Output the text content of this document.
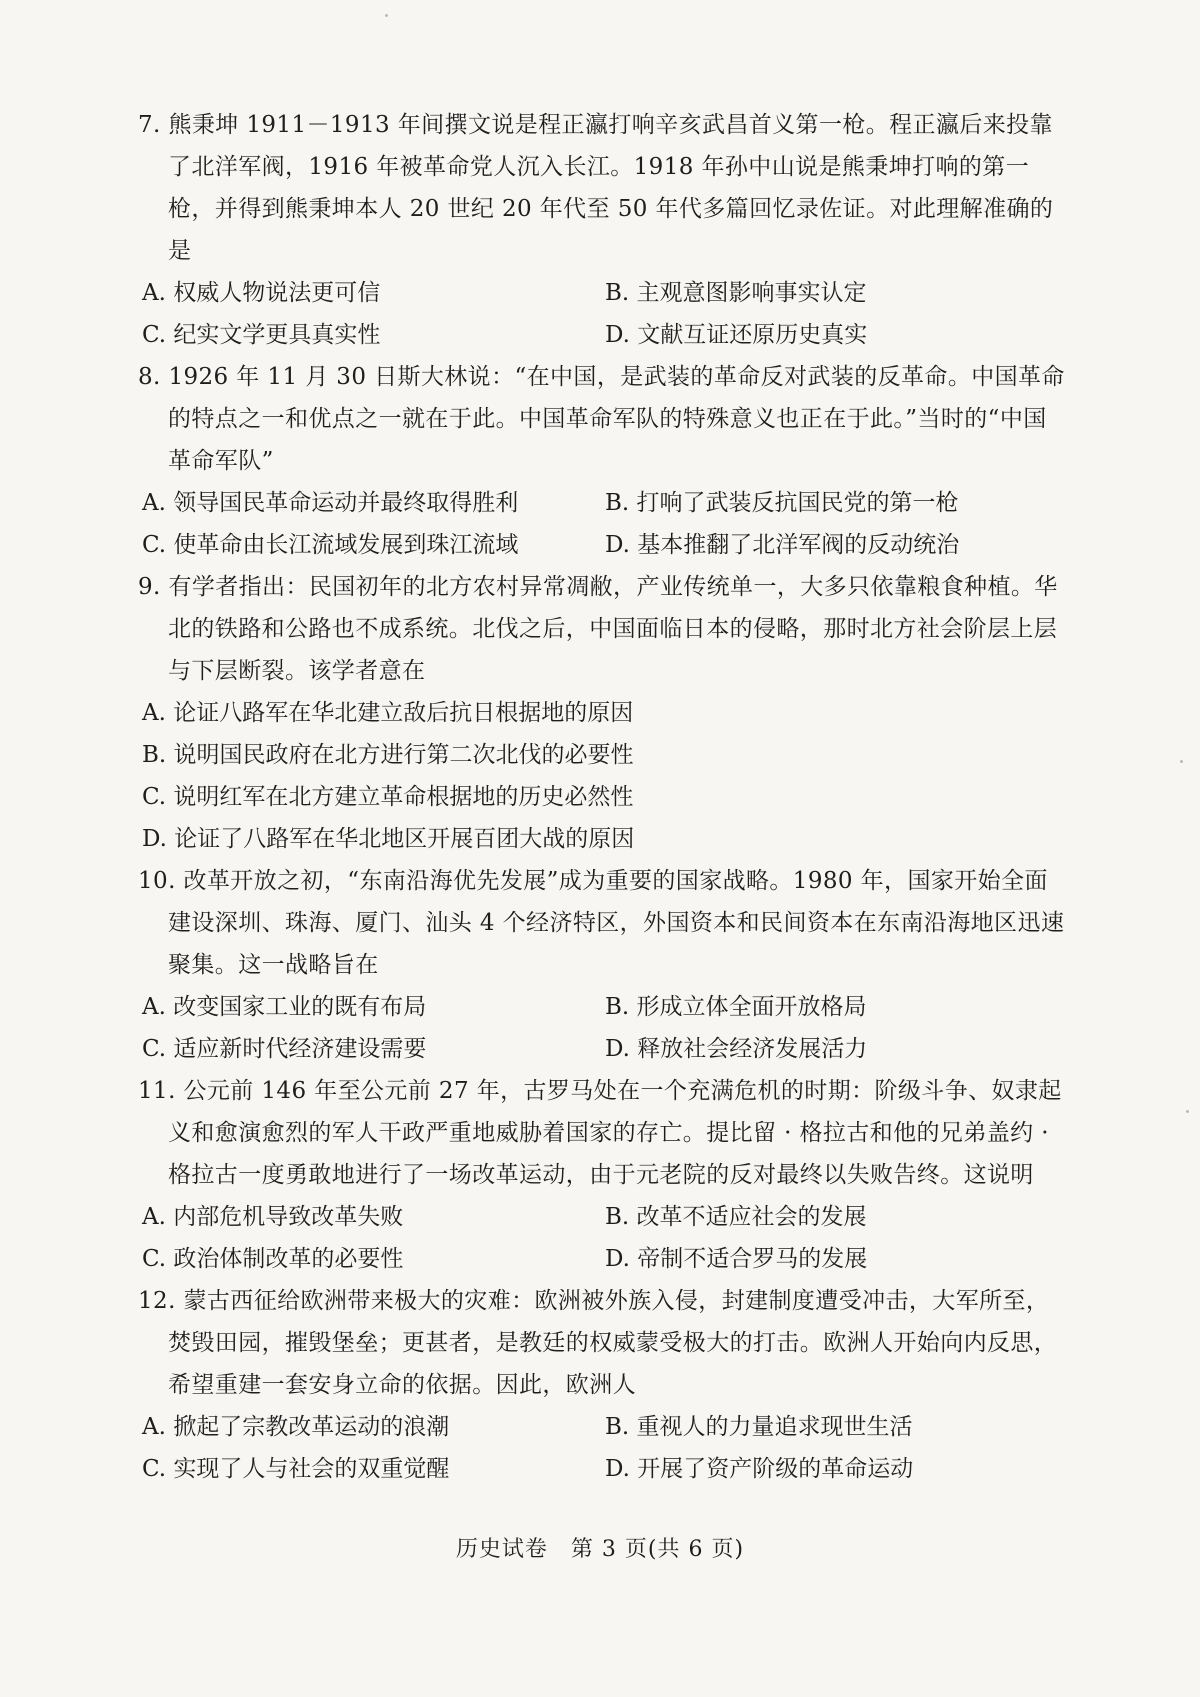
7. 熊秉坤 1911－1913 年间撰文说是程正瀛打响辛亥武昌首义第一枪。程正瀛后来投靠了北洋军阀，1916 年被革命党人沉入长江。1918 年孙中山说是熊秉坤打响的第一枪，并得到熊秉坤本人 20 世纪 20 年代至 50 年代多篇回忆录佐证。对此理解准确的是

A. 权威人物说法更可信	B. 主观意图影响事实认定
C. 纪实文学更具真实性	D. 文献互证还原历史真实

8. 1926 年 11 月 30 日斯大林说：“在中国，是武装的革命反对武装的反革命。中国革命的特点之一和优点之一就在于此。中国革命军队的特殊意义也正在于此。”当时的“中国革命军队”

A. 领导国民革命运动并最终取得胜利	B. 打响了武装反抗国民党的第一枪
C. 使革命由长江流域发展到珠江流域	D. 基本推翻了北洋军阀的反动统治

9. 有学者指出：民国初年的北方农村异常凋敝，产业传统单一，大多只依靠粮食种植。华北的铁路和公路也不成系统。北伐之后，中国面临日本的侵略，那时北方社会阶层上层与下层断裂。该学者意在

A. 论证八路军在华北建立敌后抗日根据地的原因
B. 说明国民政府在北方进行第二次北伐的必要性
C. 说明红军在北方建立革命根据地的历史必然性
D. 论证了八路军在华北地区开展百团大战的原因

10. 改革开放之初，“东南沿海优先发展”成为重要的国家战略。1980 年，国家开始全面建设深圳、珠海、厦门、汕头 4 个经济特区，外国资本和民间资本在东南沿海地区迅速聚集。这一战略旨在

A. 改变国家工业的既有布局	B. 形成立体全面开放格局
C. 适应新时代经济建设需要	D. 释放社会经济发展活力

11. 公元前 146 年至公元前 27 年，古罗马处在一个充满危机的时期：阶级斗争、奴隶起义和愈演愈烈的军人干政严重地威胁着国家的存亡。提比留 · 格拉古和他的兄弟盖约 · 格拉古一度勇敢地进行了一场改革运动，由于元老院的反对最终以失败告终。这说明

A. 内部危机导致改革失败	B. 改革不适应社会的发展
C. 政治体制改革的必要性	D. 帝制不适合罗马的发展

12. 蒙古西征给欧洲带来极大的灾难：欧洲被外族入侵，封建制度遭受冲击，大军所至，焚毁田园，摧毁堡垒；更甚者，是教廷的权威蒙受极大的打击。欧洲人开始向内反思，希望重建一套安身立命的依据。因此，欧洲人

A. 掀起了宗教改革运动的浪潮	B. 重视人的力量追求现世生活
C. 实现了人与社会的双重觉醒	D. 开展了资产阶级的革命运动
历史试卷　第 3 页(共 6 页)
